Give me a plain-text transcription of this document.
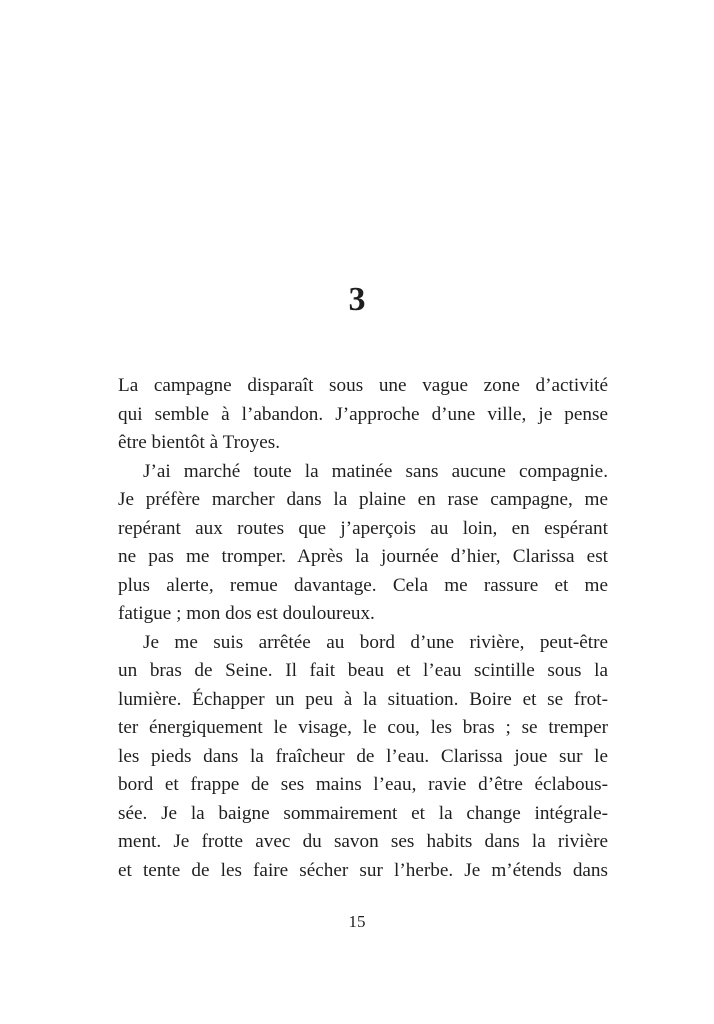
3
La campagne disparaît sous une vague zone d’activité
qui semble à l’abandon. J’approche d’une ville, je pense
être bientôt à Troyes.
J’ai marché toute la matinée sans aucune compagnie.
Je préfère marcher dans la plaine en rase campagne, me
repérant aux routes que j’aperçois au loin, en espérant
ne pas me tromper. Après la journée d’hier, Clarissa est
plus alerte, remue davantage. Cela me rassure et me
fatigue ; mon dos est douloureux.
Je me suis arrêtée au bord d’une rivière, peut-être
un bras de Seine. Il fait beau et l’eau scintille sous la
lumière. Échapper un peu à la situation. Boire et se frot-
ter énergiquement le visage, le cou, les bras ; se tremper
les pieds dans la fraîcheur de l’eau. Clarissa joue sur le
bord et frappe de ses mains l’eau, ravie d’être éclabous-
sée. Je la baigne sommairement et la change intégrale-
ment. Je frotte avec du savon ses habits dans la rivière
et tente de les faire sécher sur l’herbe. Je m’étends dans
15
